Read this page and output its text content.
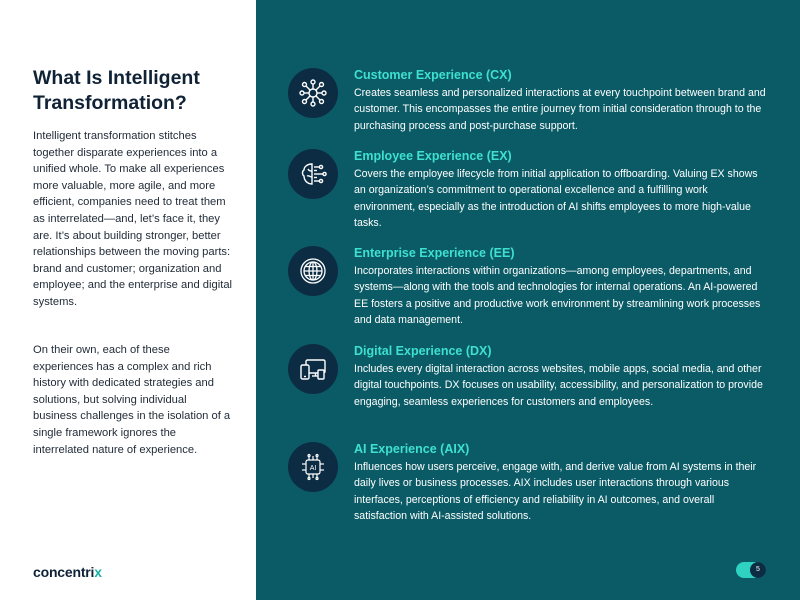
What Is Intelligent Transformation?
Intelligent transformation stitches together disparate experiences into a unified whole. To make all experiences more valuable, more agile, and more efficient, companies need to treat them as interrelated—and, let’s face it, they are. It’s about building stronger, better relationships between the moving parts: brand and customer; organization and employee; and the enterprise and digital systems.
On their own, each of these experiences has a complex and rich history with dedicated strategies and solutions, but solving individual business challenges in the isolation of a single framework ignores the interrelated nature of experience.
concentrix
Customer Experience (CX)
Creates seamless and personalized interactions at every touchpoint between brand and customer. This encompasses the entire journey from initial consideration through to the purchasing process and post-purchase support.
Employee Experience (EX)
Covers the employee lifecycle from initial application to offboarding. Valuing EX shows an organization’s commitment to operational excellence and a fulfilling work environment, especially as the introduction of AI shifts employees to more high-value tasks.
Enterprise Experience (EE)
Incorporates interactions within organizations—among employees, departments, and systems—along with the tools and technologies for internal operations. An AI-powered EE fosters a positive and productive work environment by streamlining work processes and data management.
Digital Experience (DX)
Includes every digital interaction across websites, mobile apps, social media, and other digital touchpoints. DX focuses on usability, accessibility, and personalization to provide engaging, seamless experiences for customers and employees.
AI
AI Experience (AIX)
Influences how users perceive, engage with, and derive value from AI systems in their daily lives or business processes. AIX includes user interactions through various interfaces, perceptions of efficiency and reliability in AI outcomes, and overall satisfaction with AI-assisted solutions.
5
